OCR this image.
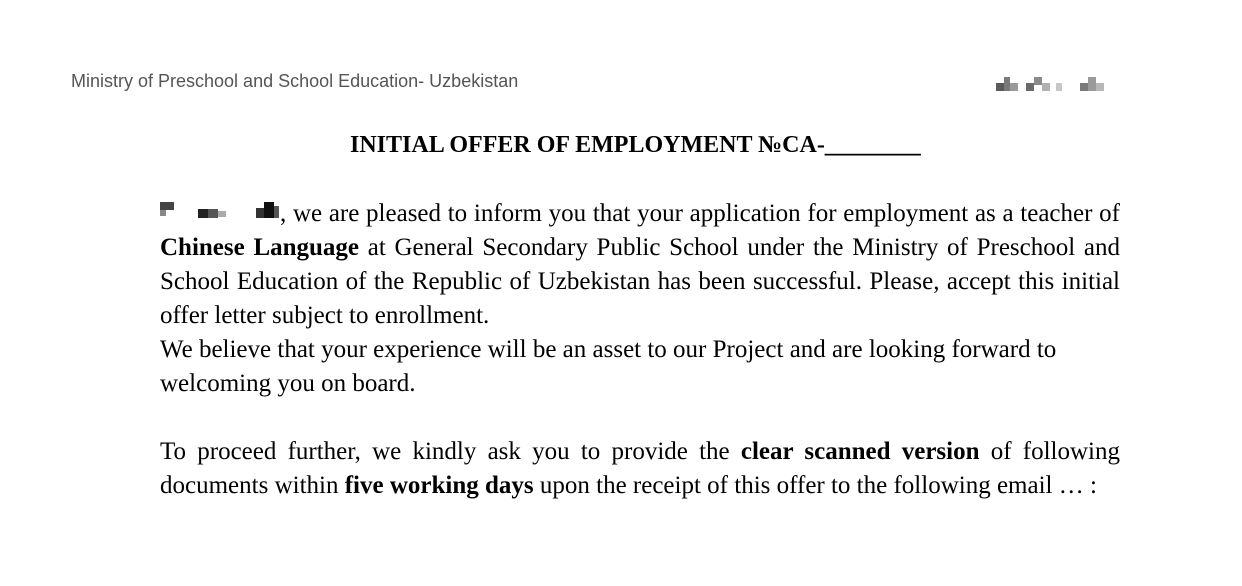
Ministry of Preschool and School Education- Uzbekistan
INITIAL OFFER OF EMPLOYMENT №CA-________

, we are pleased to inform you that your application for employment as a teacher of Chinese Language at General Secondary Public School under the Ministry of Preschool and School Education of the Republic of Uzbekistan has been successful. Please, accept this initial offer letter subject to enrollment.

We believe that your experience will be an asset to our Project and are looking forward to welcoming you on board.

To proceed further, we kindly ask you to provide the clear scanned version of following documents within five working days upon the receipt of this offer to the following email … :
